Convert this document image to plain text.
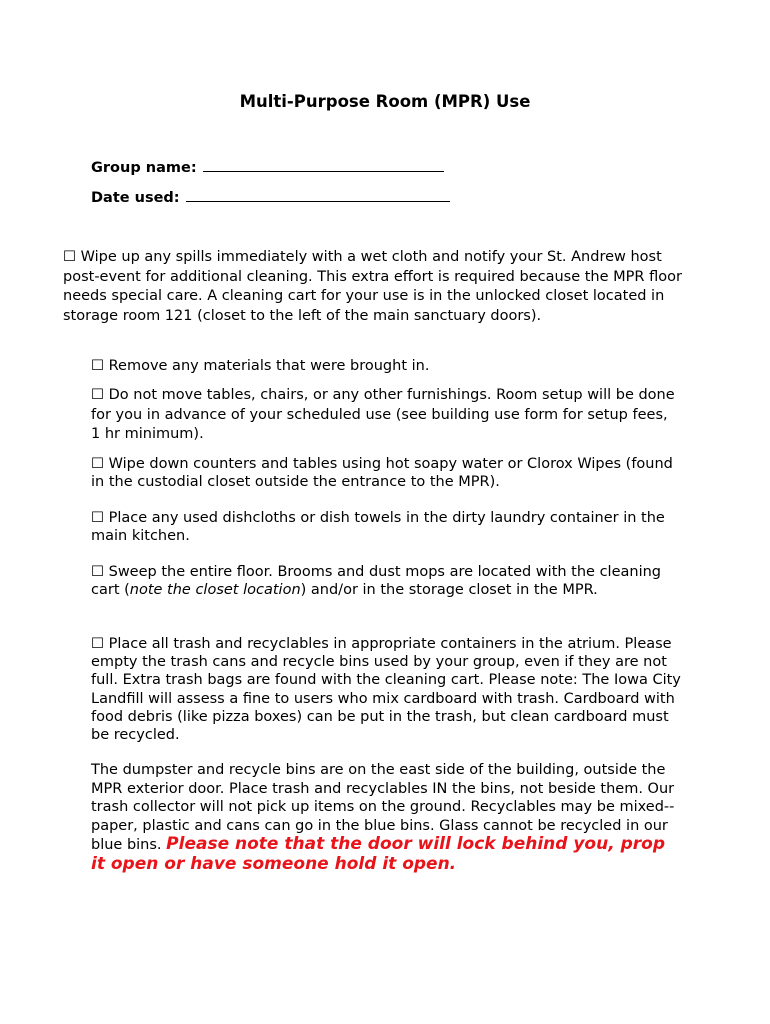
Multi-Purpose Room (MPR) Use
Group name:
Date used:
☐ Wipe up any spills immediately with a wet cloth and notify your St. Andrew host post-event for additional cleaning. This extra effort is required because the MPR floor needs special care. A cleaning cart for your use is in the unlocked closet located in storage room 121 (closet to the left of the main sanctuary doors).
☐ Remove any materials that were brought in.
☐ Do not move tables, chairs, or any other furnishings. Room setup will be done for you in advance of your scheduled use (see building use form for setup fees, 1 hr minimum).
☐ Wipe down counters and tables using hot soapy water or Clorox Wipes (found in the custodial closet outside the entrance to the MPR).
☐ Place any used dishcloths or dish towels in the dirty laundry container in the main kitchen.
☐ Sweep the entire floor. Brooms and dust mops are located with the cleaning cart (note the closet location) and/or in the storage closet in the MPR.
☐ Place all trash and recyclables in appropriate containers in the atrium. Please empty the trash cans and recycle bins used by your group, even if they are not full. Extra trash bags are found with the cleaning cart. Please note: The Iowa City Landfill will assess a fine to users who mix cardboard with trash. Cardboard with food debris (like pizza boxes) can be put in the trash, but clean cardboard must be recycled.
The dumpster and recycle bins are on the east side of the building, outside the MPR exterior door. Place trash and recyclables IN the bins, not beside them. Our trash collector will not pick up items on the ground. Recyclables may be mixed--paper, plastic and cans can go in the blue bins. Glass cannot be recycled in our blue bins. Please note that the door will lock behind you, prop it open or have someone hold it open.
